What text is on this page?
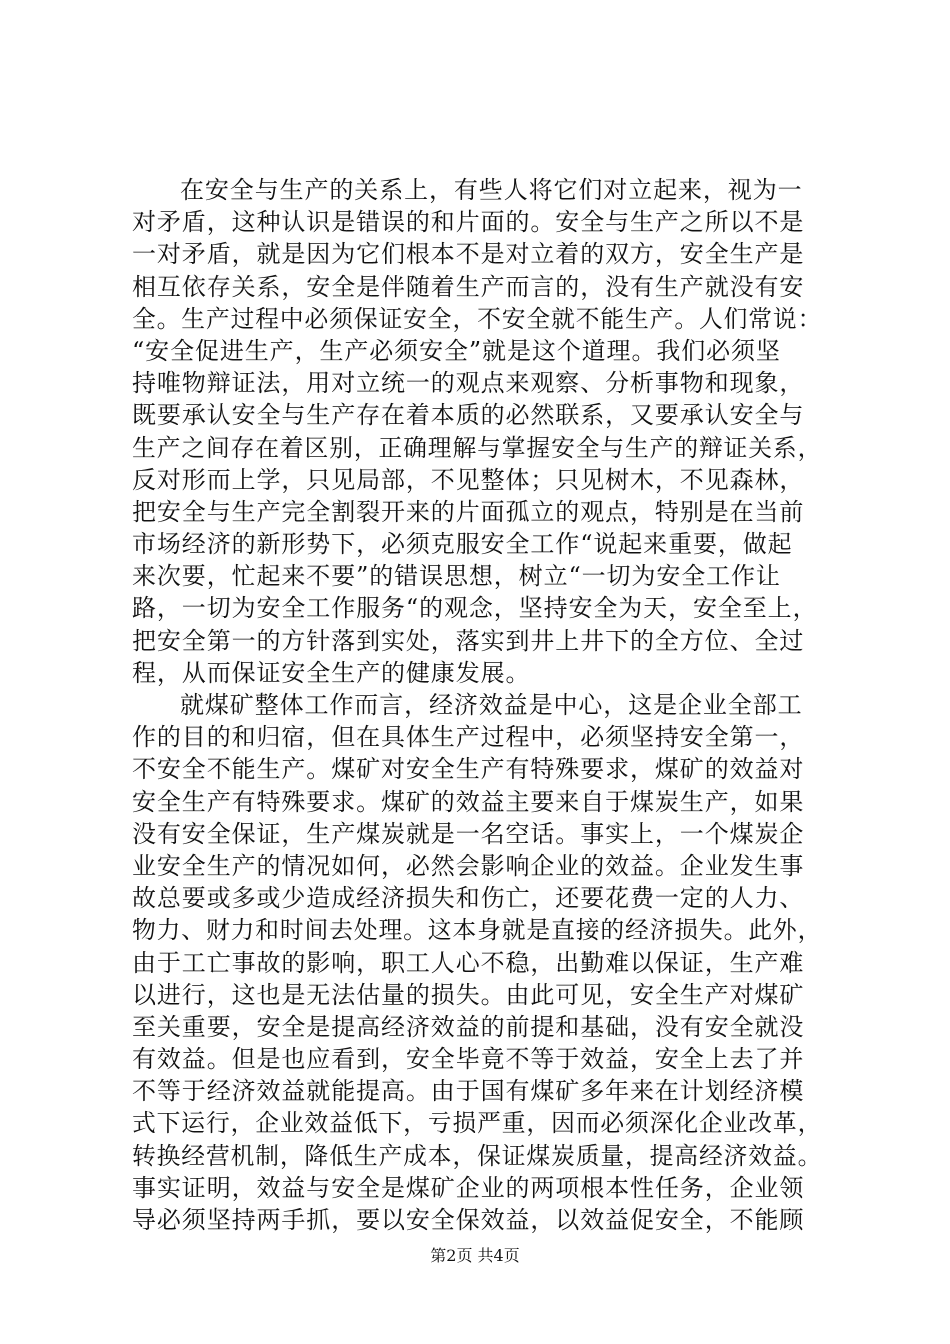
在安全与生产的关系上，有些人将它们对立起来，视为一
对矛盾，这种认识是错误的和片面的。安全与生产之所以不是
一对矛盾，就是因为它们根本不是对立着的双方，安全生产是
相互依存关系，安全是伴随着生产而言的，没有生产就没有安
全。生产过程中必须保证安全，不安全就不能生产。人们常说：
“安全促进生产，生产必须安全”就是这个道理。我们必须坚
持唯物辩证法，用对立统一的观点来观察、分析事物和现象，
既要承认安全与生产存在着本质的必然联系，又要承认安全与
生产之间存在着区别，正确理解与掌握安全与生产的辩证关系，
反对形而上学，只见局部，不见整体；只见树木，不见森林，
把安全与生产完全割裂开来的片面孤立的观点，特别是在当前
市场经济的新形势下，必须克服安全工作“说起来重要，做起
来次要，忙起来不要”的错误思想，树立“一切为安全工作让
路，一切为安全工作服务“的观念，坚持安全为天，安全至上，
把安全第一的方针落到实处，落实到井上井下的全方位、全过
程，从而保证安全生产的健康发展。
就煤矿整体工作而言，经济效益是中心，这是企业全部工
作的目的和归宿，但在具体生产过程中，必须坚持安全第一，
不安全不能生产。煤矿对安全生产有特殊要求，煤矿的效益对
安全生产有特殊要求。煤矿的效益主要来自于煤炭生产，如果
没有安全保证，生产煤炭就是一名空话。事实上，一个煤炭企
业安全生产的情况如何，必然会影响企业的效益。企业发生事
故总要或多或少造成经济损失和伤亡，还要花费一定的人力、
物力、财力和时间去处理。这本身就是直接的经济损失。此外，
由于工亡事故的影响，职工人心不稳，出勤难以保证，生产难
以进行，这也是无法估量的损失。由此可见，安全生产对煤矿
至关重要，安全是提高经济效益的前提和基础，没有安全就没
有效益。但是也应看到，安全毕竟不等于效益，安全上去了并
不等于经济效益就能提高。由于国有煤矿多年来在计划经济模
式下运行，企业效益低下，亏损严重，因而必须深化企业改革，
转换经营机制，降低生产成本，保证煤炭质量，提高经济效益。
事实证明，效益与安全是煤矿企业的两项根本性任务，企业领
导必须坚持两手抓，要以安全保效益，以效益促安全，不能顾
第2页 共4页
